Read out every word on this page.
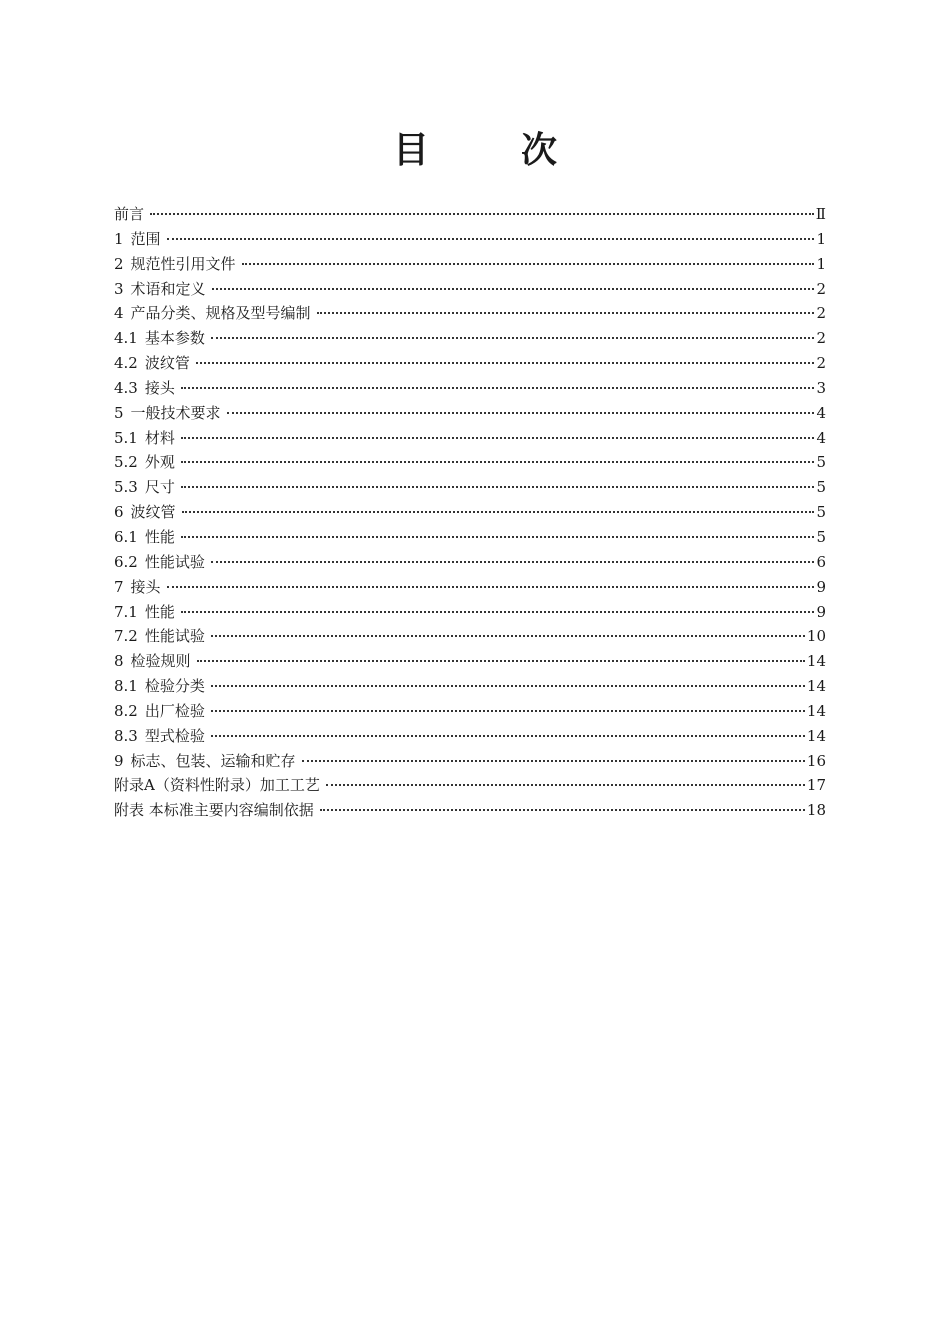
目	次
前言	Ⅱ
1 范围	1
2 规范性引用文件	1
3 术语和定义	2
4 产品分类、规格及型号编制	2
4.1 基本参数	2
4.2 波纹管	2
4.3 接头	3
5 一般技术要求	4
5.1 材料	4
5.2 外观	5
5.3 尺寸	5
6 波纹管	5
6.1 性能	5
6.2 性能试验	6
7 接头	9
7.1 性能	9
7.2 性能试验	10
8 检验规则	14
8.1 检验分类	14
8.2 出厂检验	14
8.3 型式检验	14
9 标志、包装、运输和贮存	16
附录A（资料性附录）加工工艺	17
附表 本标准主要内容编制依据	18
